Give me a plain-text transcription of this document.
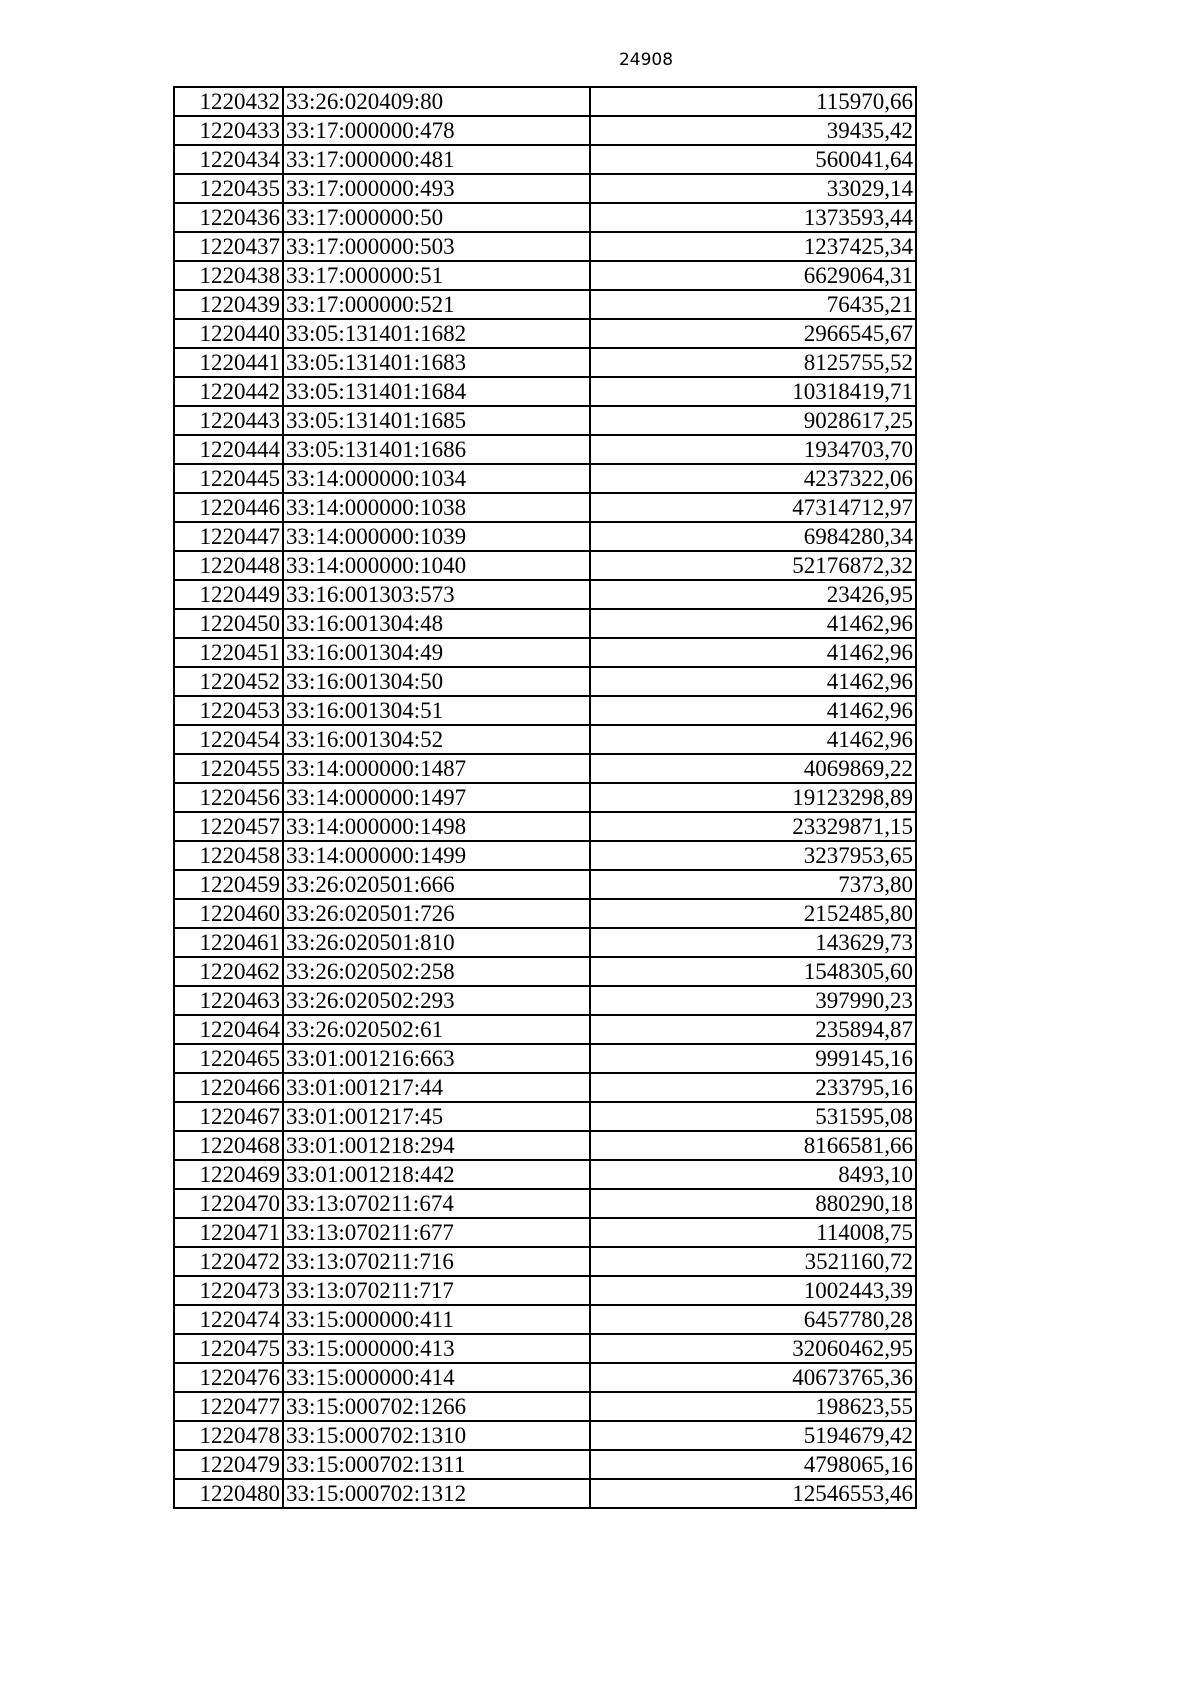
24908
1220432	33:26:020409:80	115970,66
1220433	33:17:000000:478	39435,42
1220434	33:17:000000:481	560041,64
1220435	33:17:000000:493	33029,14
1220436	33:17:000000:50	1373593,44
1220437	33:17:000000:503	1237425,34
1220438	33:17:000000:51	6629064,31
1220439	33:17:000000:521	76435,21
1220440	33:05:131401:1682	2966545,67
1220441	33:05:131401:1683	8125755,52
1220442	33:05:131401:1684	10318419,71
1220443	33:05:131401:1685	9028617,25
1220444	33:05:131401:1686	1934703,70
1220445	33:14:000000:1034	4237322,06
1220446	33:14:000000:1038	47314712,97
1220447	33:14:000000:1039	6984280,34
1220448	33:14:000000:1040	52176872,32
1220449	33:16:001303:573	23426,95
1220450	33:16:001304:48	41462,96
1220451	33:16:001304:49	41462,96
1220452	33:16:001304:50	41462,96
1220453	33:16:001304:51	41462,96
1220454	33:16:001304:52	41462,96
1220455	33:14:000000:1487	4069869,22
1220456	33:14:000000:1497	19123298,89
1220457	33:14:000000:1498	23329871,15
1220458	33:14:000000:1499	3237953,65
1220459	33:26:020501:666	7373,80
1220460	33:26:020501:726	2152485,80
1220461	33:26:020501:810	143629,73
1220462	33:26:020502:258	1548305,60
1220463	33:26:020502:293	397990,23
1220464	33:26:020502:61	235894,87
1220465	33:01:001216:663	999145,16
1220466	33:01:001217:44	233795,16
1220467	33:01:001217:45	531595,08
1220468	33:01:001218:294	8166581,66
1220469	33:01:001218:442	8493,10
1220470	33:13:070211:674	880290,18
1220471	33:13:070211:677	114008,75
1220472	33:13:070211:716	3521160,72
1220473	33:13:070211:717	1002443,39
1220474	33:15:000000:411	6457780,28
1220475	33:15:000000:413	32060462,95
1220476	33:15:000000:414	40673765,36
1220477	33:15:000702:1266	198623,55
1220478	33:15:000702:1310	5194679,42
1220479	33:15:000702:1311	4798065,16
1220480	33:15:000702:1312	12546553,46
